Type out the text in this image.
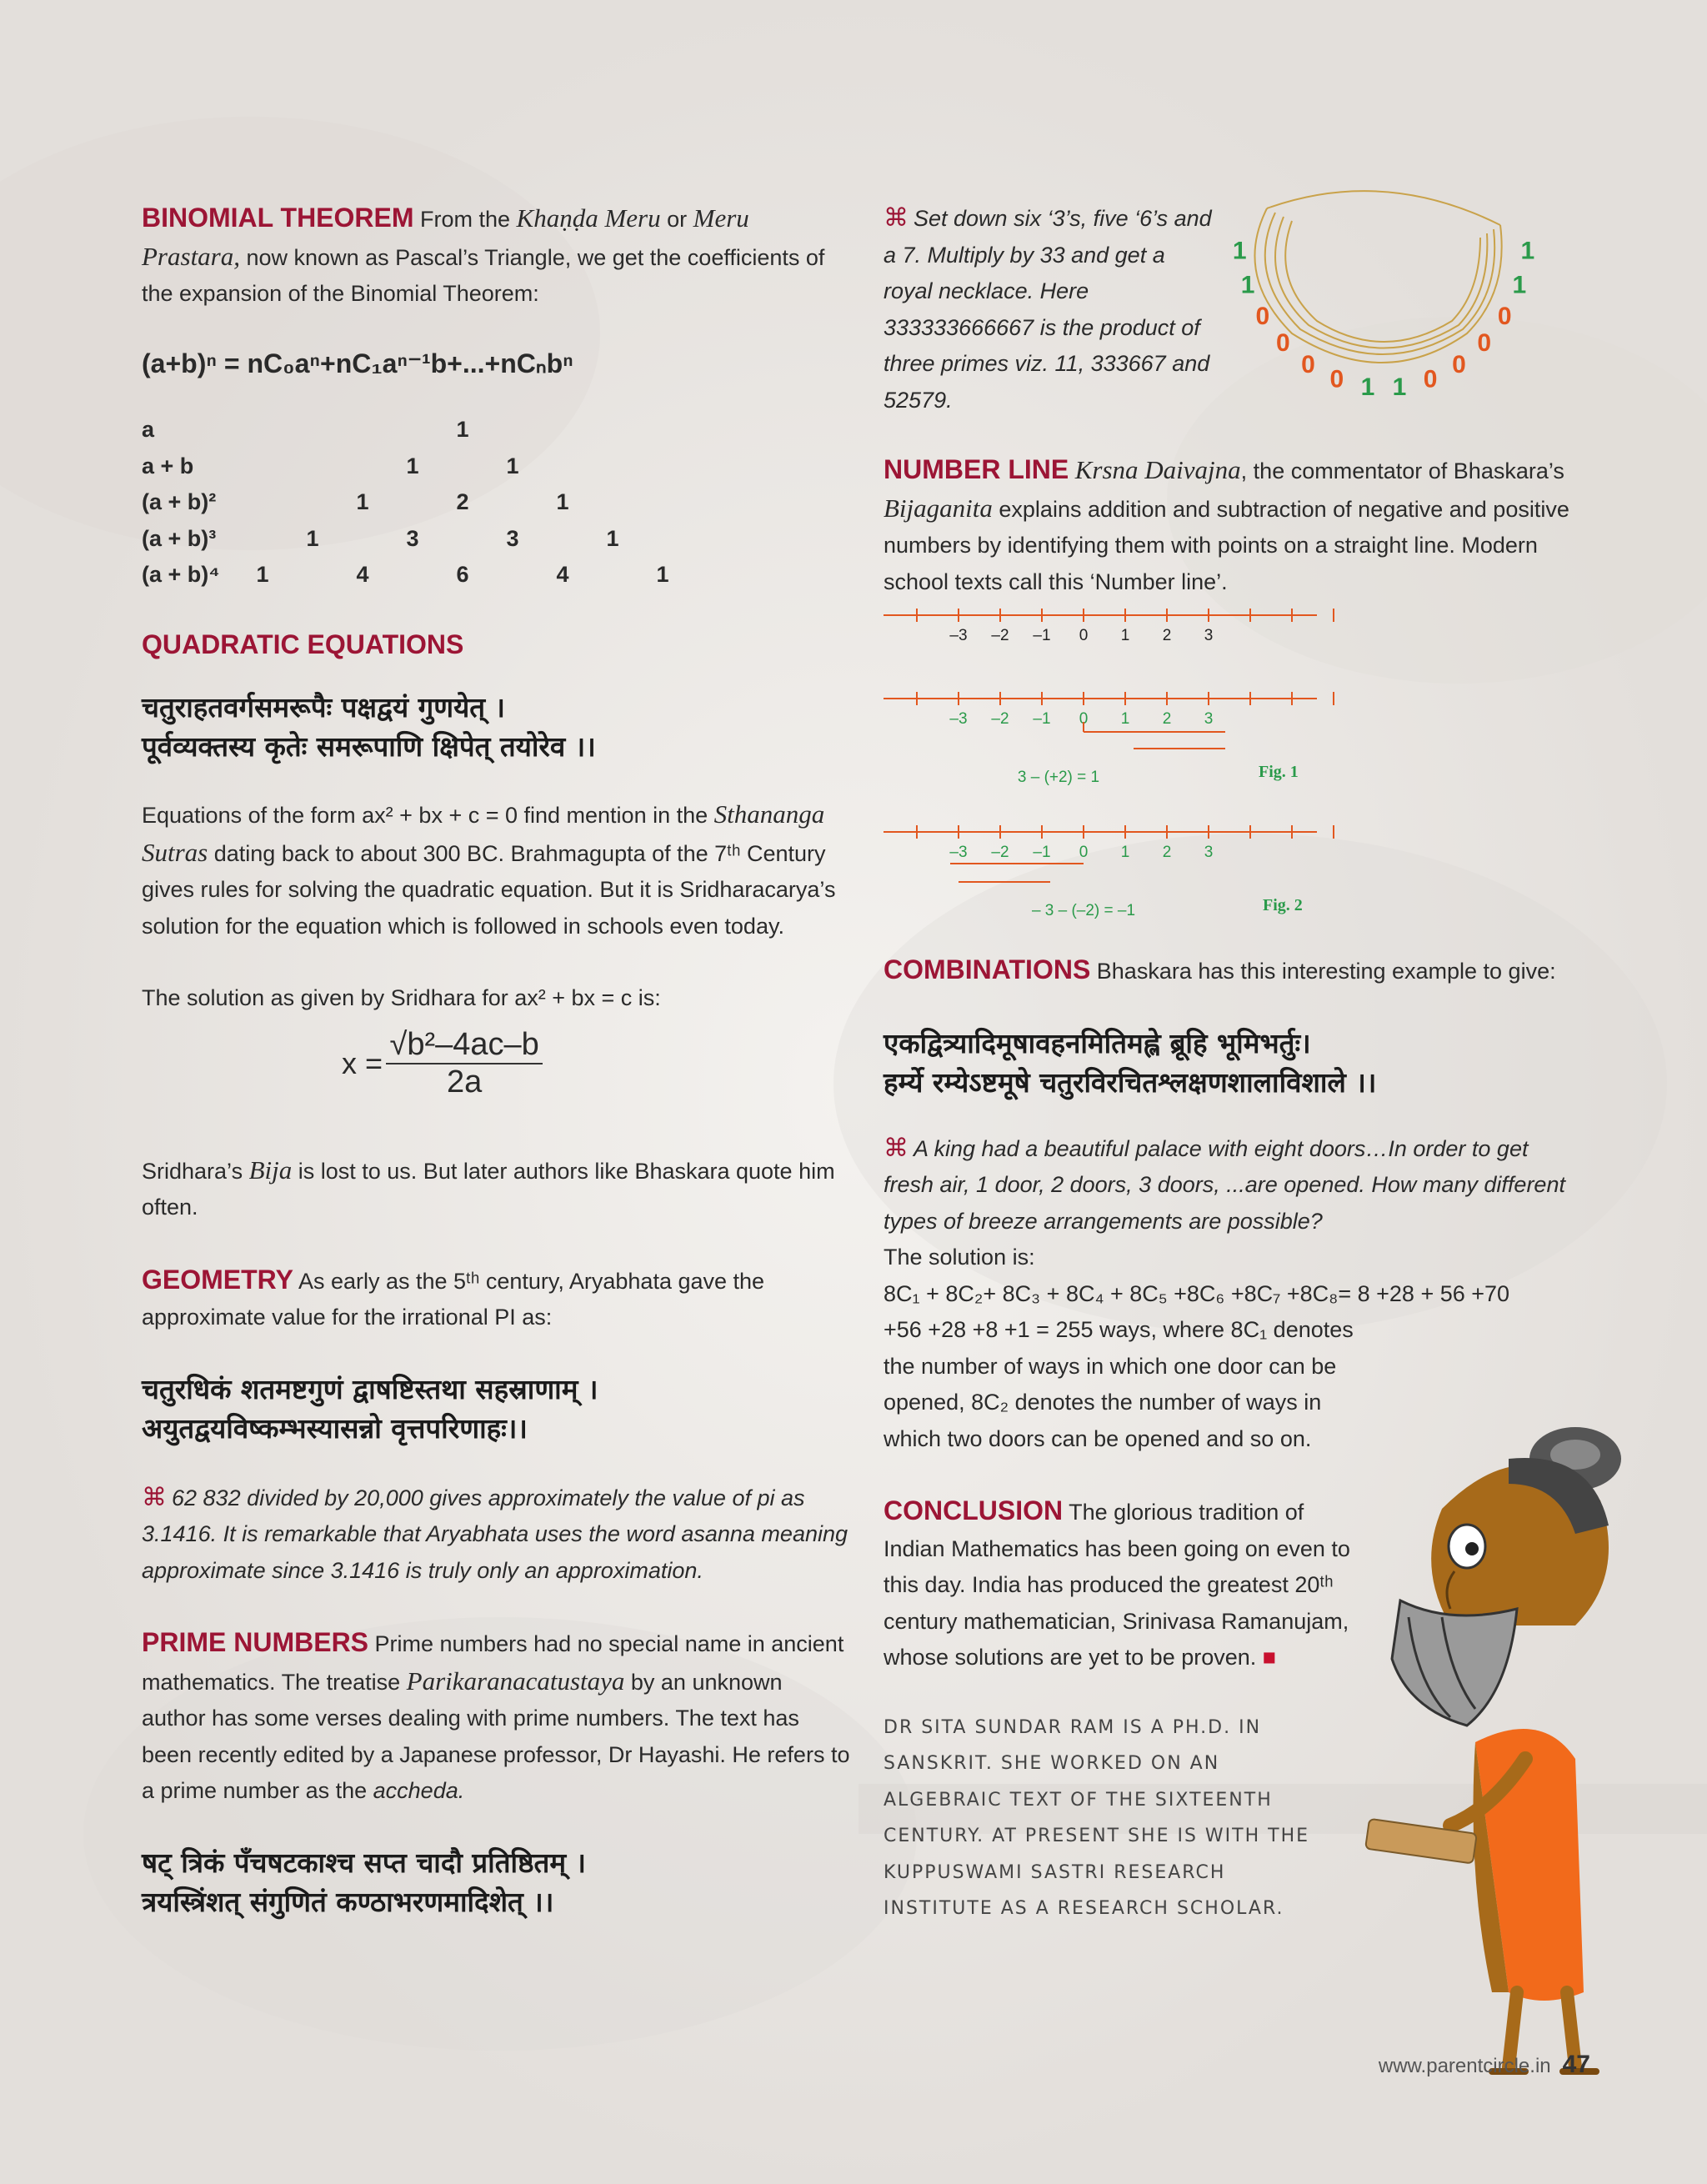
BINOMIAL THEOREM From the Khaṇḍa Meru or Meru Prastara, now known as Pascal’s Triangle, we get the coefficients of the expansion of the Binomial Theorem:

(a+b)ⁿ = nC₀aⁿ+nC₁aⁿ⁻¹b+...+nCₙbⁿ

a					1				
a + b				1		1			
(a + b)²			1		2		1		
(a + b)³		1		3		3		1	
(a + b)⁴	1		4		6		4		1

QUADRATIC EQUATIONS

चतुराहतवर्गसमरूपैः पक्षद्वयं गुणयेत् ।

पूर्वव्यक्तस्य कृतेः समरूपाणि क्षिपेत् तयोरेव ।।

Equations of the form ax² + bx + c = 0 find mention in the Sthananga Sutras dating back to about 300 BC. Brahmagupta of the 7ᵗʰ Century gives rules for solving the quadratic equation. But it is Sridharacarya’s solution for the equation which is followed in schools even today.

The solution as given by Sridhara for ax² + bx = c is:

$x = \frac{\text{√b²–4ac–b}}{2a}$

Sridhara’s Bija is lost to us. But later authors like Bhaskara quote him often.

GEOMETRY As early as the 5ᵗʰ century, Aryabhata gave the approximate value for the irrational PI as:

चतुरधिकं शतमष्टगुणं द्वाषष्टिस्तथा सहस्राणाम् ।

अयुतद्वयविष्कम्भस्यासन्नो वृत्तपरिणाहः।।

⌘ 62 832 divided by 20,000 gives approximately the value of pi as 3.1416. It is remarkable that Aryabhata uses the word asanna meaning approximate since 3.1416 is truly only an approximation.

PRIME NUMBERS Prime numbers had no special name in ancient mathematics. The treatise Parikaranacatustaya by an unknown author has some verses dealing with prime numbers. The text has been recently edited by a Japanese professor, Dr Hayashi. He refers to a prime number as the accheda.

षट् त्रिकं पँचषटकाश्च सप्त चादौ प्रतिष्ठितम् ।

त्रयस्त्रिंशत् संगुणितं कण्ठाभरणमादिशेत् ।।

⌘ Set down six ‘3’s, five ‘6’s and a 7. Multiply by 33 and get a royal necklace. Here 333333666667 is the product of three primes viz. 11, 333667 and 52579.

NUMBER LINE Krsna Daivajna, the commentator of Bhaskara’s Bijaganita explains addition and subtraction of negative and positive numbers by identifying them with points on a straight line. Modern school texts call this ‘Number line’.

–3 –2 –1 0 1 2 3
–3 –2 –1 0 1 2 3
3 – (+2) = 1	Fig. 1
–3 –2 –1 0 1 2 3
– 3 – (–2) = –1	Fig. 2

COMBINATIONS Bhaskara has this interesting example to give:

एकद्वित्र्यादिमूषावहनमितिमह्ले ब्रूहि भूमिभर्तुः।

हर्म्ये रम्येऽष्टमूषे चतुरविरचितश्लक्षणशालाविशाले ।।

⌘ A king had a beautiful palace with eight doors…In order to get fresh air, 1 door, 2 doors, 3 doors, ...are opened. How many different types of breeze arrangements are possible?

The solution is:

8C₁ + 8C₂+ 8C₃ + 8C₄ + 8C₅ +8C₆ +8C₇ +8C₈= 8 +28 + 56 +70

+56 +28 +8 +1 = 255 ways, where 8C₁ denotes the number of ways in which one door can be opened, 8C₂ denotes the number of ways in which two doors can be opened and so on.

CONCLUSION The glorious tradition of Indian Mathematics has been going on even to this day. India has produced the greatest 20ᵗʰ century mathematician, Srinivasa Ramanujam, whose solutions are yet to be proven. ■

DR SITA SUNDAR RAM IS A PH.D. IN SANSKRIT. SHE WORKED ON AN ALGEBRAIC TEXT OF THE SIXTEENTH CENTURY. AT PRESENT SHE IS WITH THE KUPPUSWAMI SASTRI RESEARCH INSTITUTE AS A RESEARCH SCHOLAR.

1
1
0
0
0
0 1 1 0
0
0
0
1
1
www.parentcircle.in 47
